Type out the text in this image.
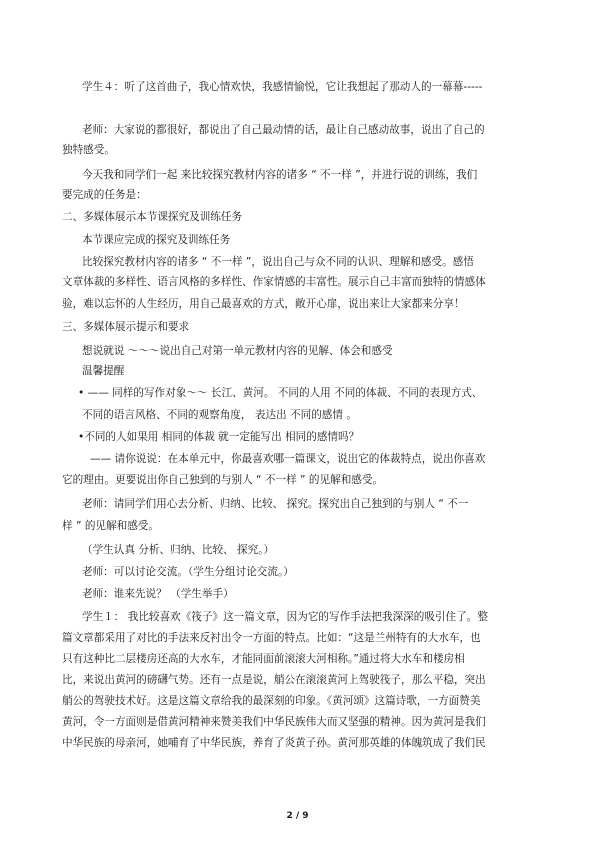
学生４：听了这首曲子，我心情欢快，我感情愉悦，它让我想起了那动人的一幕幕-----
老师：大家说的都很好，都说出了自己最动情的话，最让自己感动故事，说出了自己的
独特感受。
今天我和同学们一起 来比较探究教材内容的诸多 “ 不一样 ”，并进行说的训练，我们
要完成的任务是：
二、多媒体展示本节课探究及训练任务
本节课应完成的探究及训练任务
比较探究教材内容的诸多 “ 不一样 ”，说出自己与众不同的认识、理解和感受。感悟
文章体裁的多样性、语言风格的多样性、作家情感的丰富性。展示自己丰富而独特的情感体
验，难以忘怀的人生经历，用自己最喜欢的方式，敞开心扉，说出来让大家都来分享！
三、多媒体展示提示和要求
想说就说 ～～～说出自己对第一单元教材内容的见解、体会和感受
温馨提醒
• —— 同样的写作对象～～ 长江、黄河。 不同的人用 不同的体裁、不同的表现方式、
不同的语言风格、不同的观察角度， 表达出 不同的感情 。
•不同的人如果用 相同的体裁 就一定能写出 相同的感情吗？
—— 请你说说：在本单元中，你最喜欢哪一篇课文，说出它的体裁特点，说出你喜欢
它的理由。更要说出你自己独到的与别人 “ 不一样 ” 的见解和感受。
老师：请同学们用心去分析、归纳、比较、 探究。探究出自己独到的与别人 “ 不一
样 ” 的见解和感受。
（学生认真 分析、归纳、比较、 探究。）
老师：可以讨论交流。（学生分组讨论交流。）
老师：谁来先说？ （学生举手）
学生１： 我比较喜欢《筏子》这一篇文章，因为它的写作手法把我深深的吸引住了。整
篇文章都采用了对比的手法来反衬出令一方面的特点。比如：“这是兰州特有的大水车，也
只有这种比二层楼房还高的大水车，才能同面前滚滚大河相称。”通过将大水车和楼房相
比，来说出黄河的磅礴气势。还有一点是说，艄公在滚滚黄河上驾驶筏子，那么平稳，突出
艄公的驾驶技术好。这是这篇文章给我的最深刻的印象。《黄河颂》这篇诗歌，一方面赞美
黄河，令一方面则是借黄河精神来赞美我们中华民族伟大而又坚强的精神。因为黄河是我们
中华民族的母亲河，她哺育了中华民族，养育了炎黄子孙。黄河那英雄的体魄筑成了我们民
2 / 9
